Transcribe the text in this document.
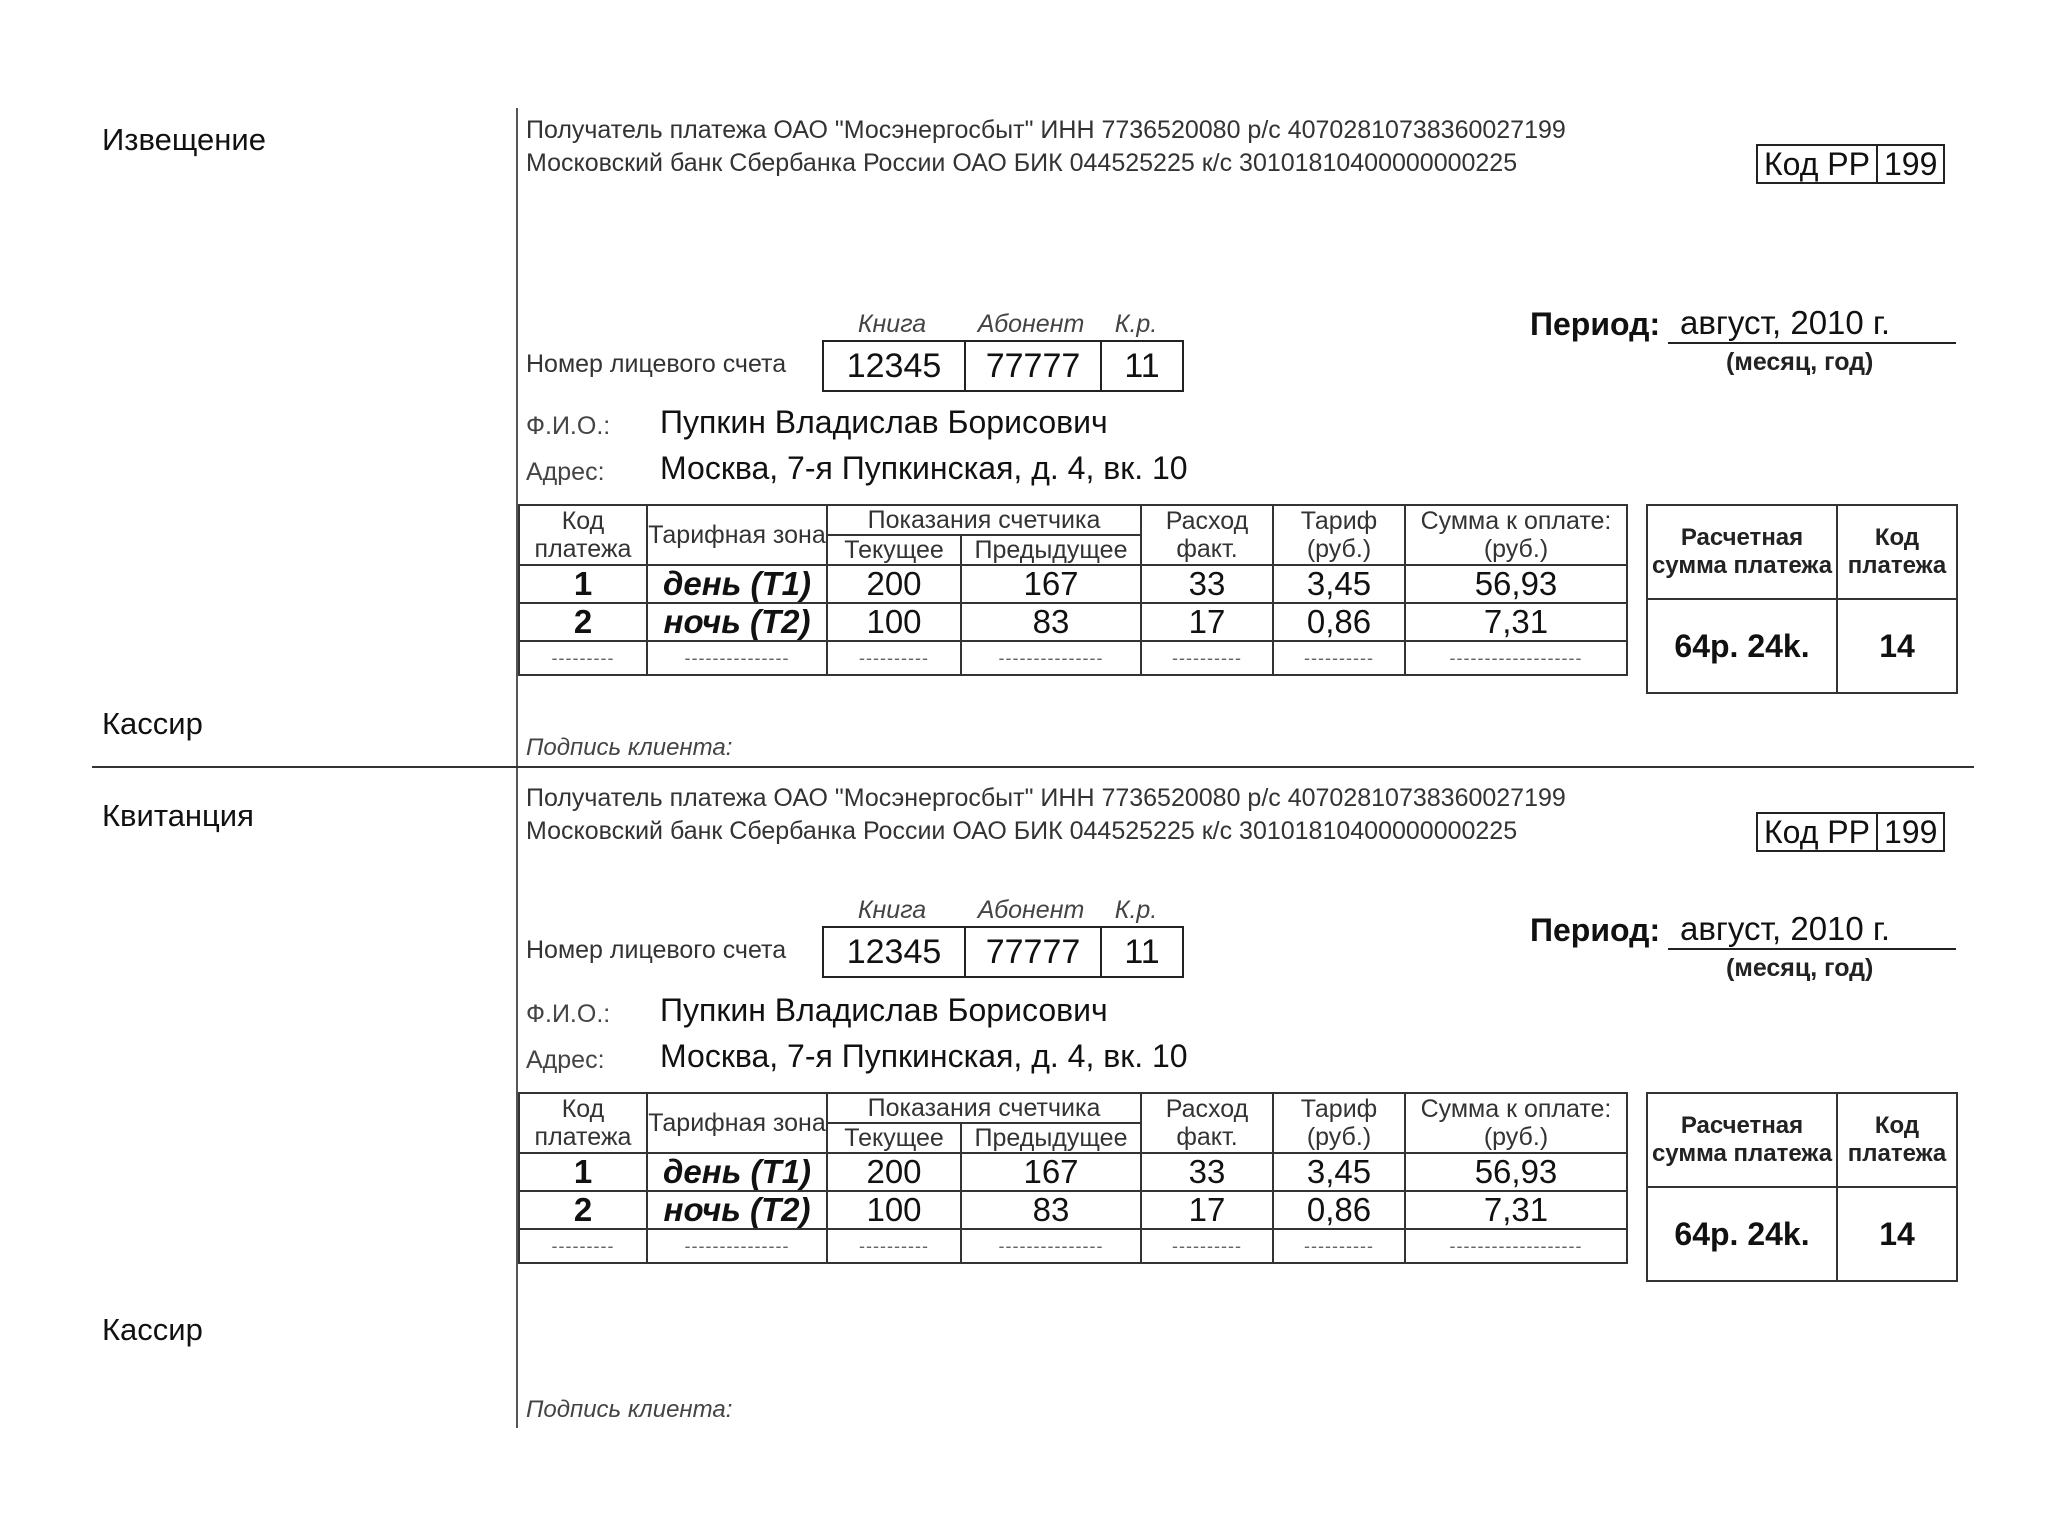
Извещение
Кассир
Получатель платежа ОАО "Мосэнергосбыт" ИНН 7736520080 р/с 40702810738360027199
Московский банк Сбербанка России ОАО БИК 044525225 к/с 30101810400000000225	Код РР 199
Книга	Абонент	К.р.
Номер лицевого счета	12345	77777	11
Период: август, 2010 г.
(месяц, год)
Ф.И.О.: Пупкин Владислав Борисович
Адрес: Москва, 7-я Пупкинская, д. 4, вк. 10
Код платежа	Тарифная зона	Показания счетчика		Расход факт.	Тариф (руб.)	Сумма к оплате: (руб.)
		Текущее	Предыдущее			
1	день (Т1)	200	167	33	3,45	56,93
2	ночь (Т2)	100	83	17	0,86	7,31
---------	---------------	----------	---------------	----------	----------	-------------------
Расчетная сумма платежа	Код платежа
64р. 24k.	14
Подпись клиента:
Квитанция
Кассир
Получатель платежа ОАО "Мосэнергосбыт" ИНН 7736520080 р/с 40702810738360027199
Московский банк Сбербанка России ОАО БИК 044525225 к/с 30101810400000000225	Код РР 199
Книга	Абонент	К.р.
Номер лицевого счета	12345	77777	11
Период: август, 2010 г.
(месяц, год)
Ф.И.О.: Пупкин Владислав Борисович
Адрес: Москва, 7-я Пупкинская, д. 4, вк. 10
Код платежа	Тарифная зона	Показания счетчика		Расход факт.	Тариф (руб.)	Сумма к оплате: (руб.)
		Текущее	Предыдущее			
1	день (Т1)	200	167	33	3,45	56,93
2	ночь (Т2)	100	83	17	0,86	7,31
---------	---------------	----------	---------------	----------	----------	-------------------
Расчетная сумма платежа	Код платежа
64р. 24k.	14
Подпись клиента:
